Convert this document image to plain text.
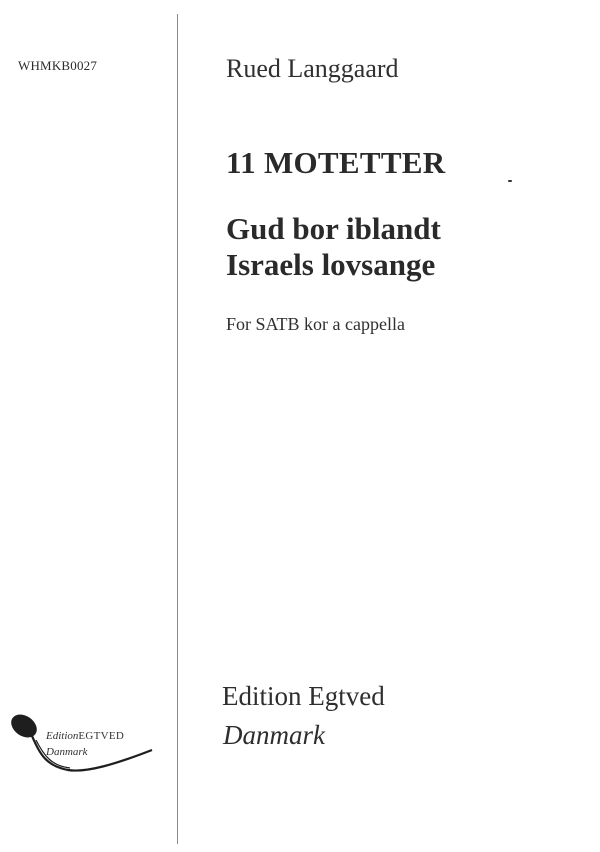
WHMKB0027	Rued Langgaard
11 MOTETTER
Gud bor iblandt
Israels lovsange
For SATB kor a cappella
EditionEGTVED
Danmark
Edition Egtved
Danmark
